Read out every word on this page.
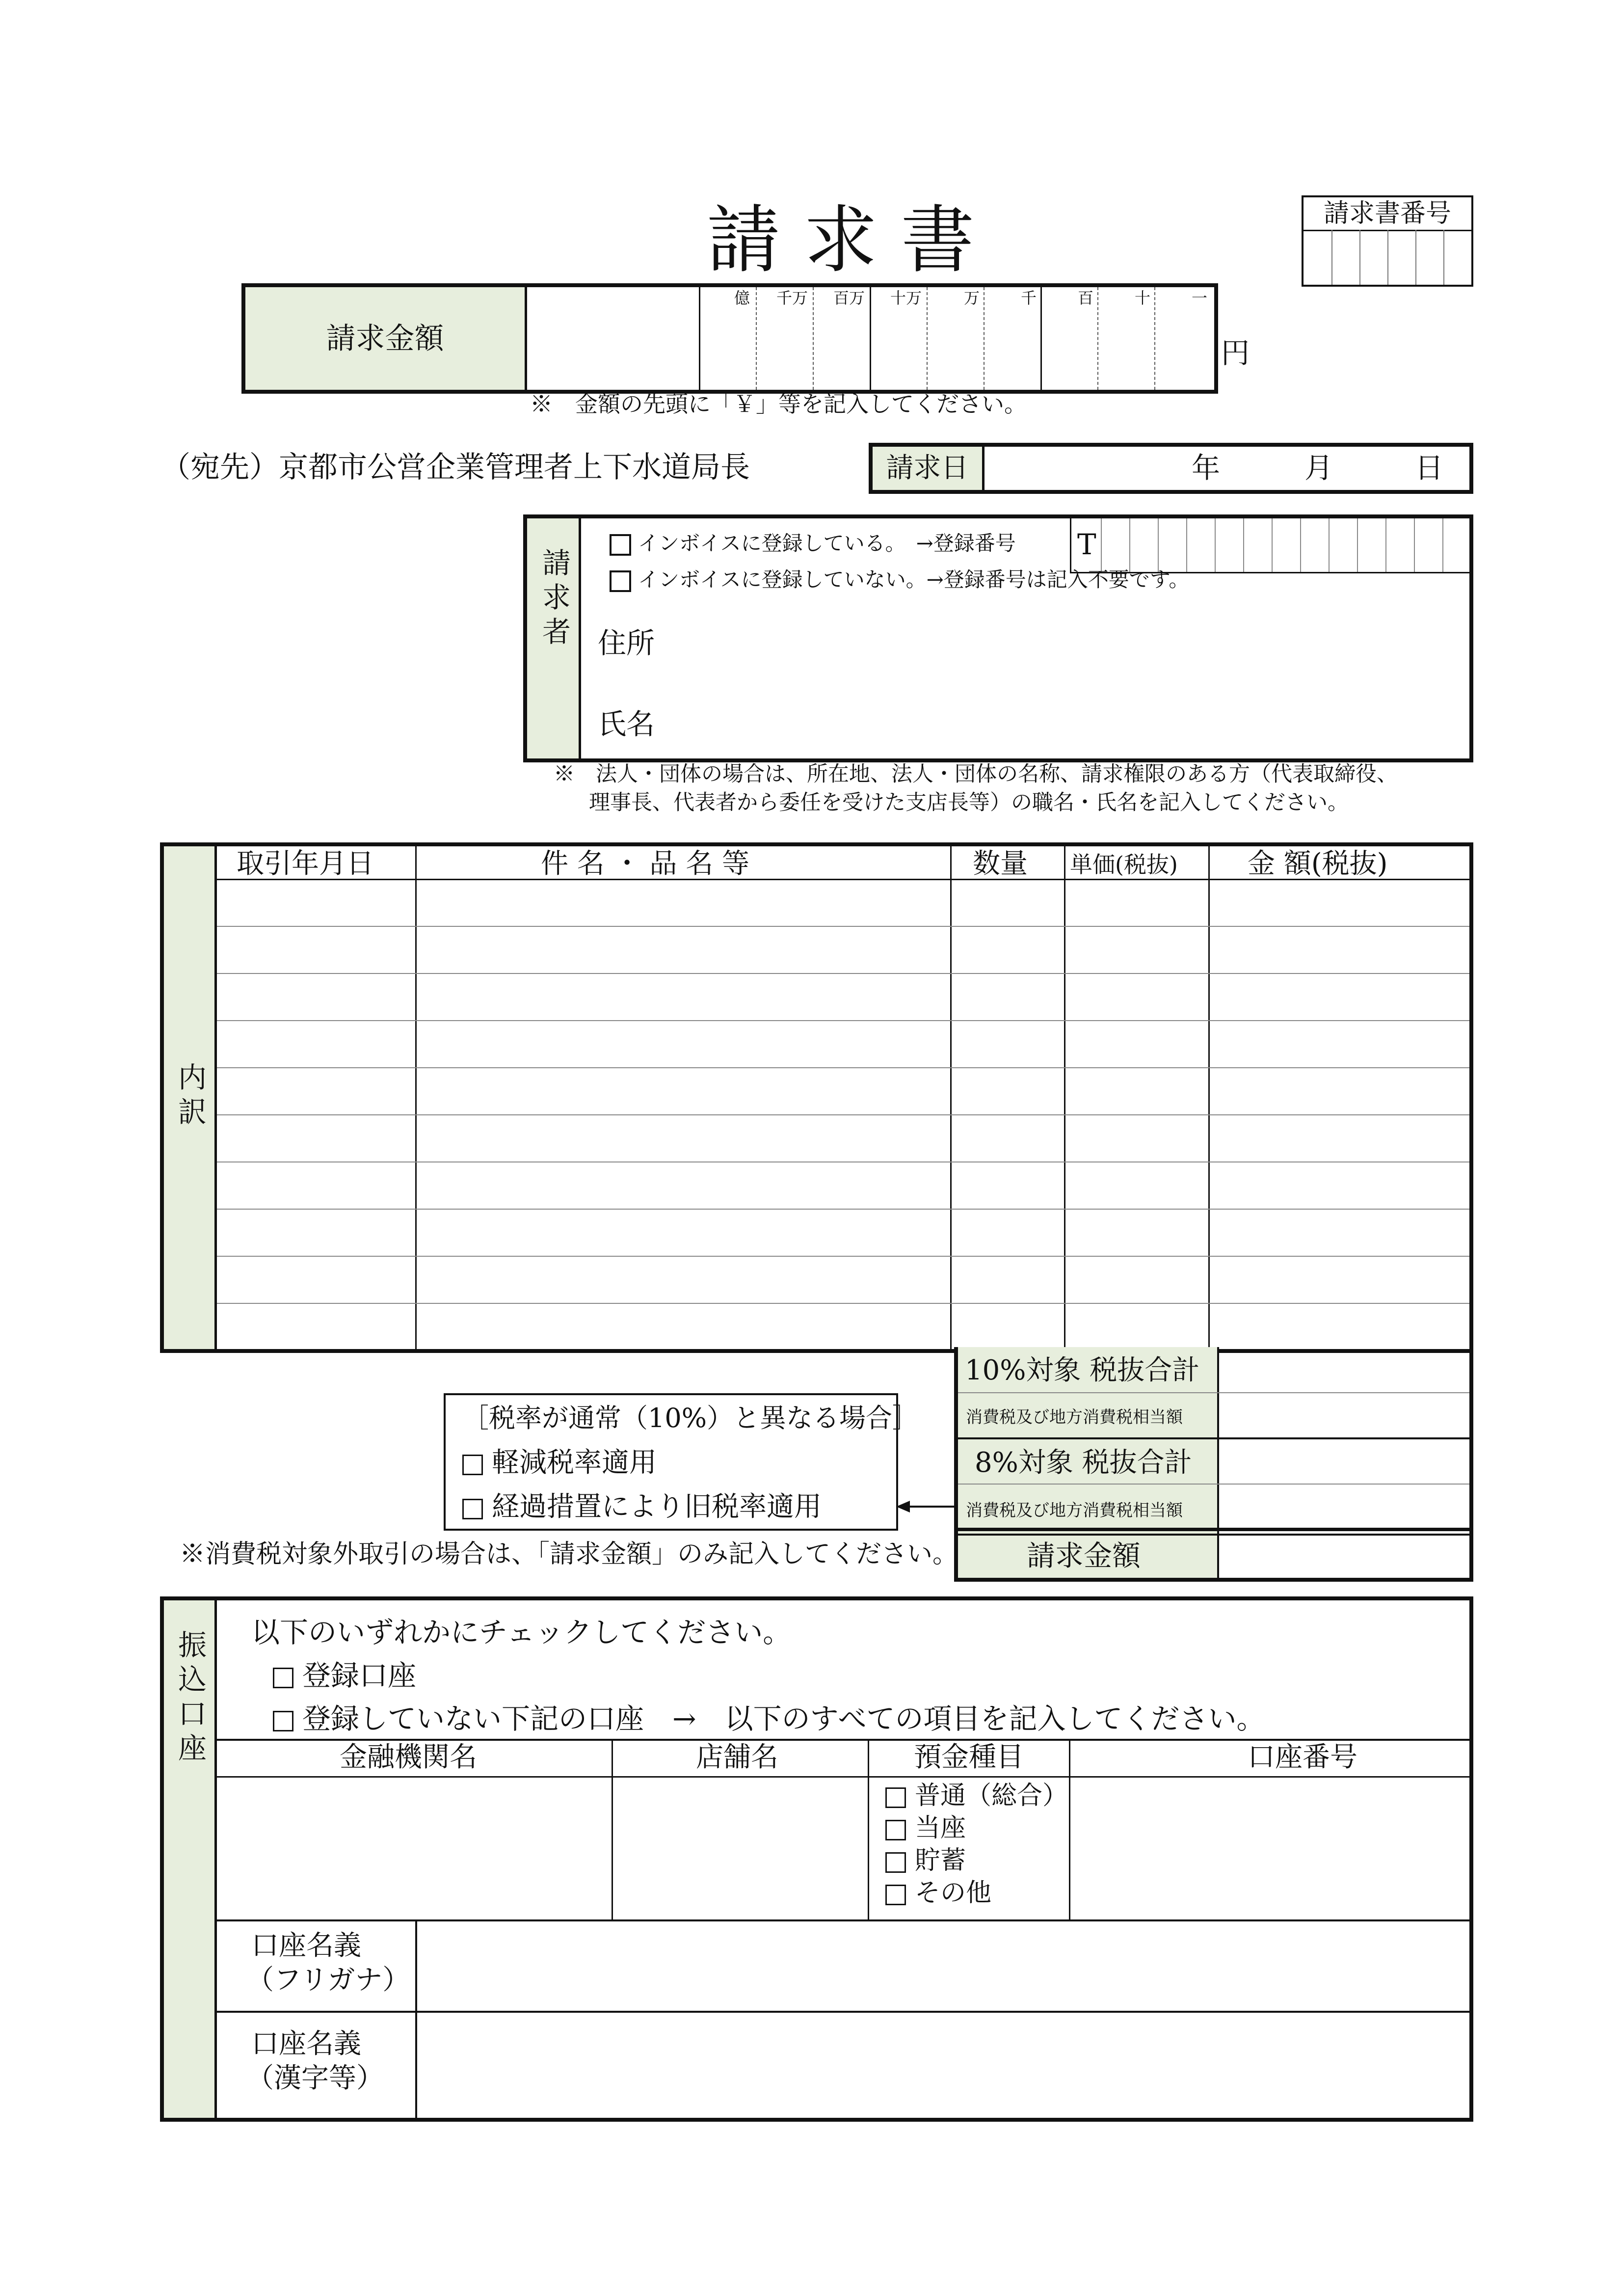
請 求 書	請求書番号
請求金額
億 千万 百万 十万	万	千	百	十	一
円
※　金額の先頭に「￥」等を記入してください。
（宛先）京都市公営企業管理者上下水道局長	請求日	年	月	日
請求者
インボイスに登録している。　→登録番号 T
インボイスに登録していない。→登録番号は記入不要です。
住所
氏名
※　法人・団体の場合は、所在地、法人・団体の名称、請求権限のある方（代表取締役、
理事長、代表者から委任を受けた支店長等）の職名・氏名を記入してください。
内訳
取引年月日	件 名 ・ 品 名 等	数量 単価(税抜)	金 額(税抜)
10%対象 税抜合計
消費税及び地方消費税相当額
8%対象 税抜合計
消費税及び地方消費税相当額
請求金額
［税率が通常（10%）と異なる場合］
軽減税率適用
経過措置により旧税率適用
※消費税対象外取引の場合は、「請求金額」のみ記入してください。
振込口座 以下のいずれかにチェックしてください。
登録口座
登録していない下記の口座　→　以下のすべての項目を記入してください。
金融機関名	店舗名	預金種目	口座番号
普通（総合）
当座
貯蓄
その他
口座名義
（フリガナ）
口座名義
（漢字等）
